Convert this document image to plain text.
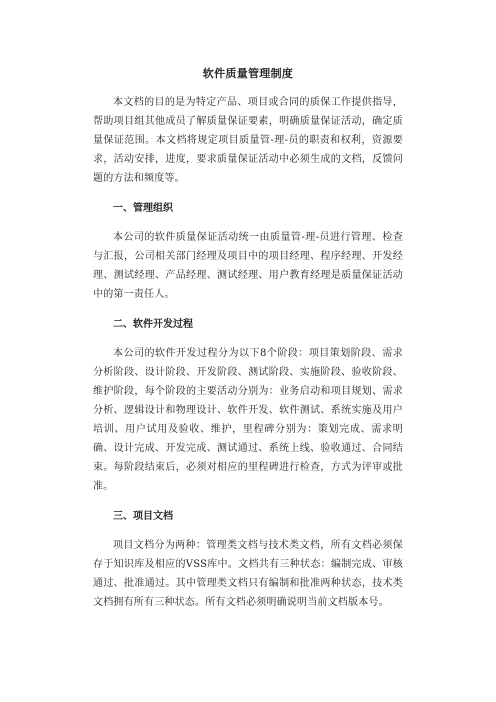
软件质量管理制度

本文档的目的是为特定产品、项目或合同的质保工作提供指导，帮助项目组其他成员了解质量保证要素，明确质量保证活动，确定质量保证范围。本文档将规定项目质量管-理-员的职责和权利，资源要求，活动安排，进度，要求质量保证活动中必须生成的文档，反馈问题的方法和频度等。

一、管理组织

本公司的软件质量保证活动统一由质量管-理-员进行管理、检查与汇报，公司相关部门经理及项目中的项目经理、程序经理、开发经理、测试经理、产品经理、测试经理、用户教育经理是质量保证活动中的第一责任人。

二、软件开发过程

本公司的软件开发过程分为以下8个阶段：项目策划阶段、需求分析阶段、设计阶段、开发阶段、测试阶段、实施阶段、验收阶段、维护阶段，每个阶段的主要活动分别为：业务启动和项目规划、需求分析、逻辑设计和物理设计、软件开发、软件测试、系统实施及用户培训、用户试用及验收、维护，里程碑分别为：策划完成、需求明确、设计完成、开发完成、测试通过、系统上线、验收通过、合同结束。每阶段结束后，必须对相应的里程碑进行检查，方式为评审或批准。

三、项目文档

项目文档分为两种：管理类文档与技术类文档，所有文档必须保存于知识库及相应的VSS库中。文档共有三种状态：编制完成、审核通过、批准通过。其中管理类文档只有编制和批准两种状态，技术类文档拥有所有三种状态。所有文档必须明确说明当前文档版本号。
